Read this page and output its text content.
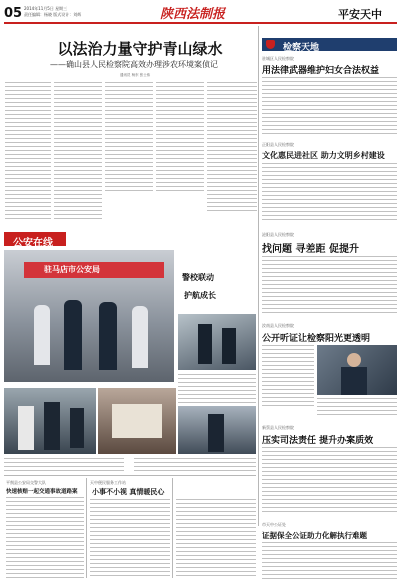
05 2014年11月5日 星期三
责任编辑：杨晓 版式设计：刘辉	陕西法制报	平安天中
以法治力量守护青山绿水
——确山县人民检察院高效办理涉农环境案侦记
通讯员 杨东 张士伟
检察天地
驻城区人民检察院
用法律武器维护妇女合法权益
正阳县人民检察院
文化惠民进社区 助力文明乡村建设
泌阳县人民检察院
找问题 寻差距 促提升
汝南县人民检察院
公开听证让检察阳光更透明
新蔡县人民检察院
压实司法责任 提升办案质效
公安在线
驻马店市公安局
警校联动
护航成长
平舆县公安局交警大队
快速核赔一起交通事故道路案
天中便民服务工作站
小事不小视 真情暖民心
市天中公证处
证据保全公证助力化解执行难题
